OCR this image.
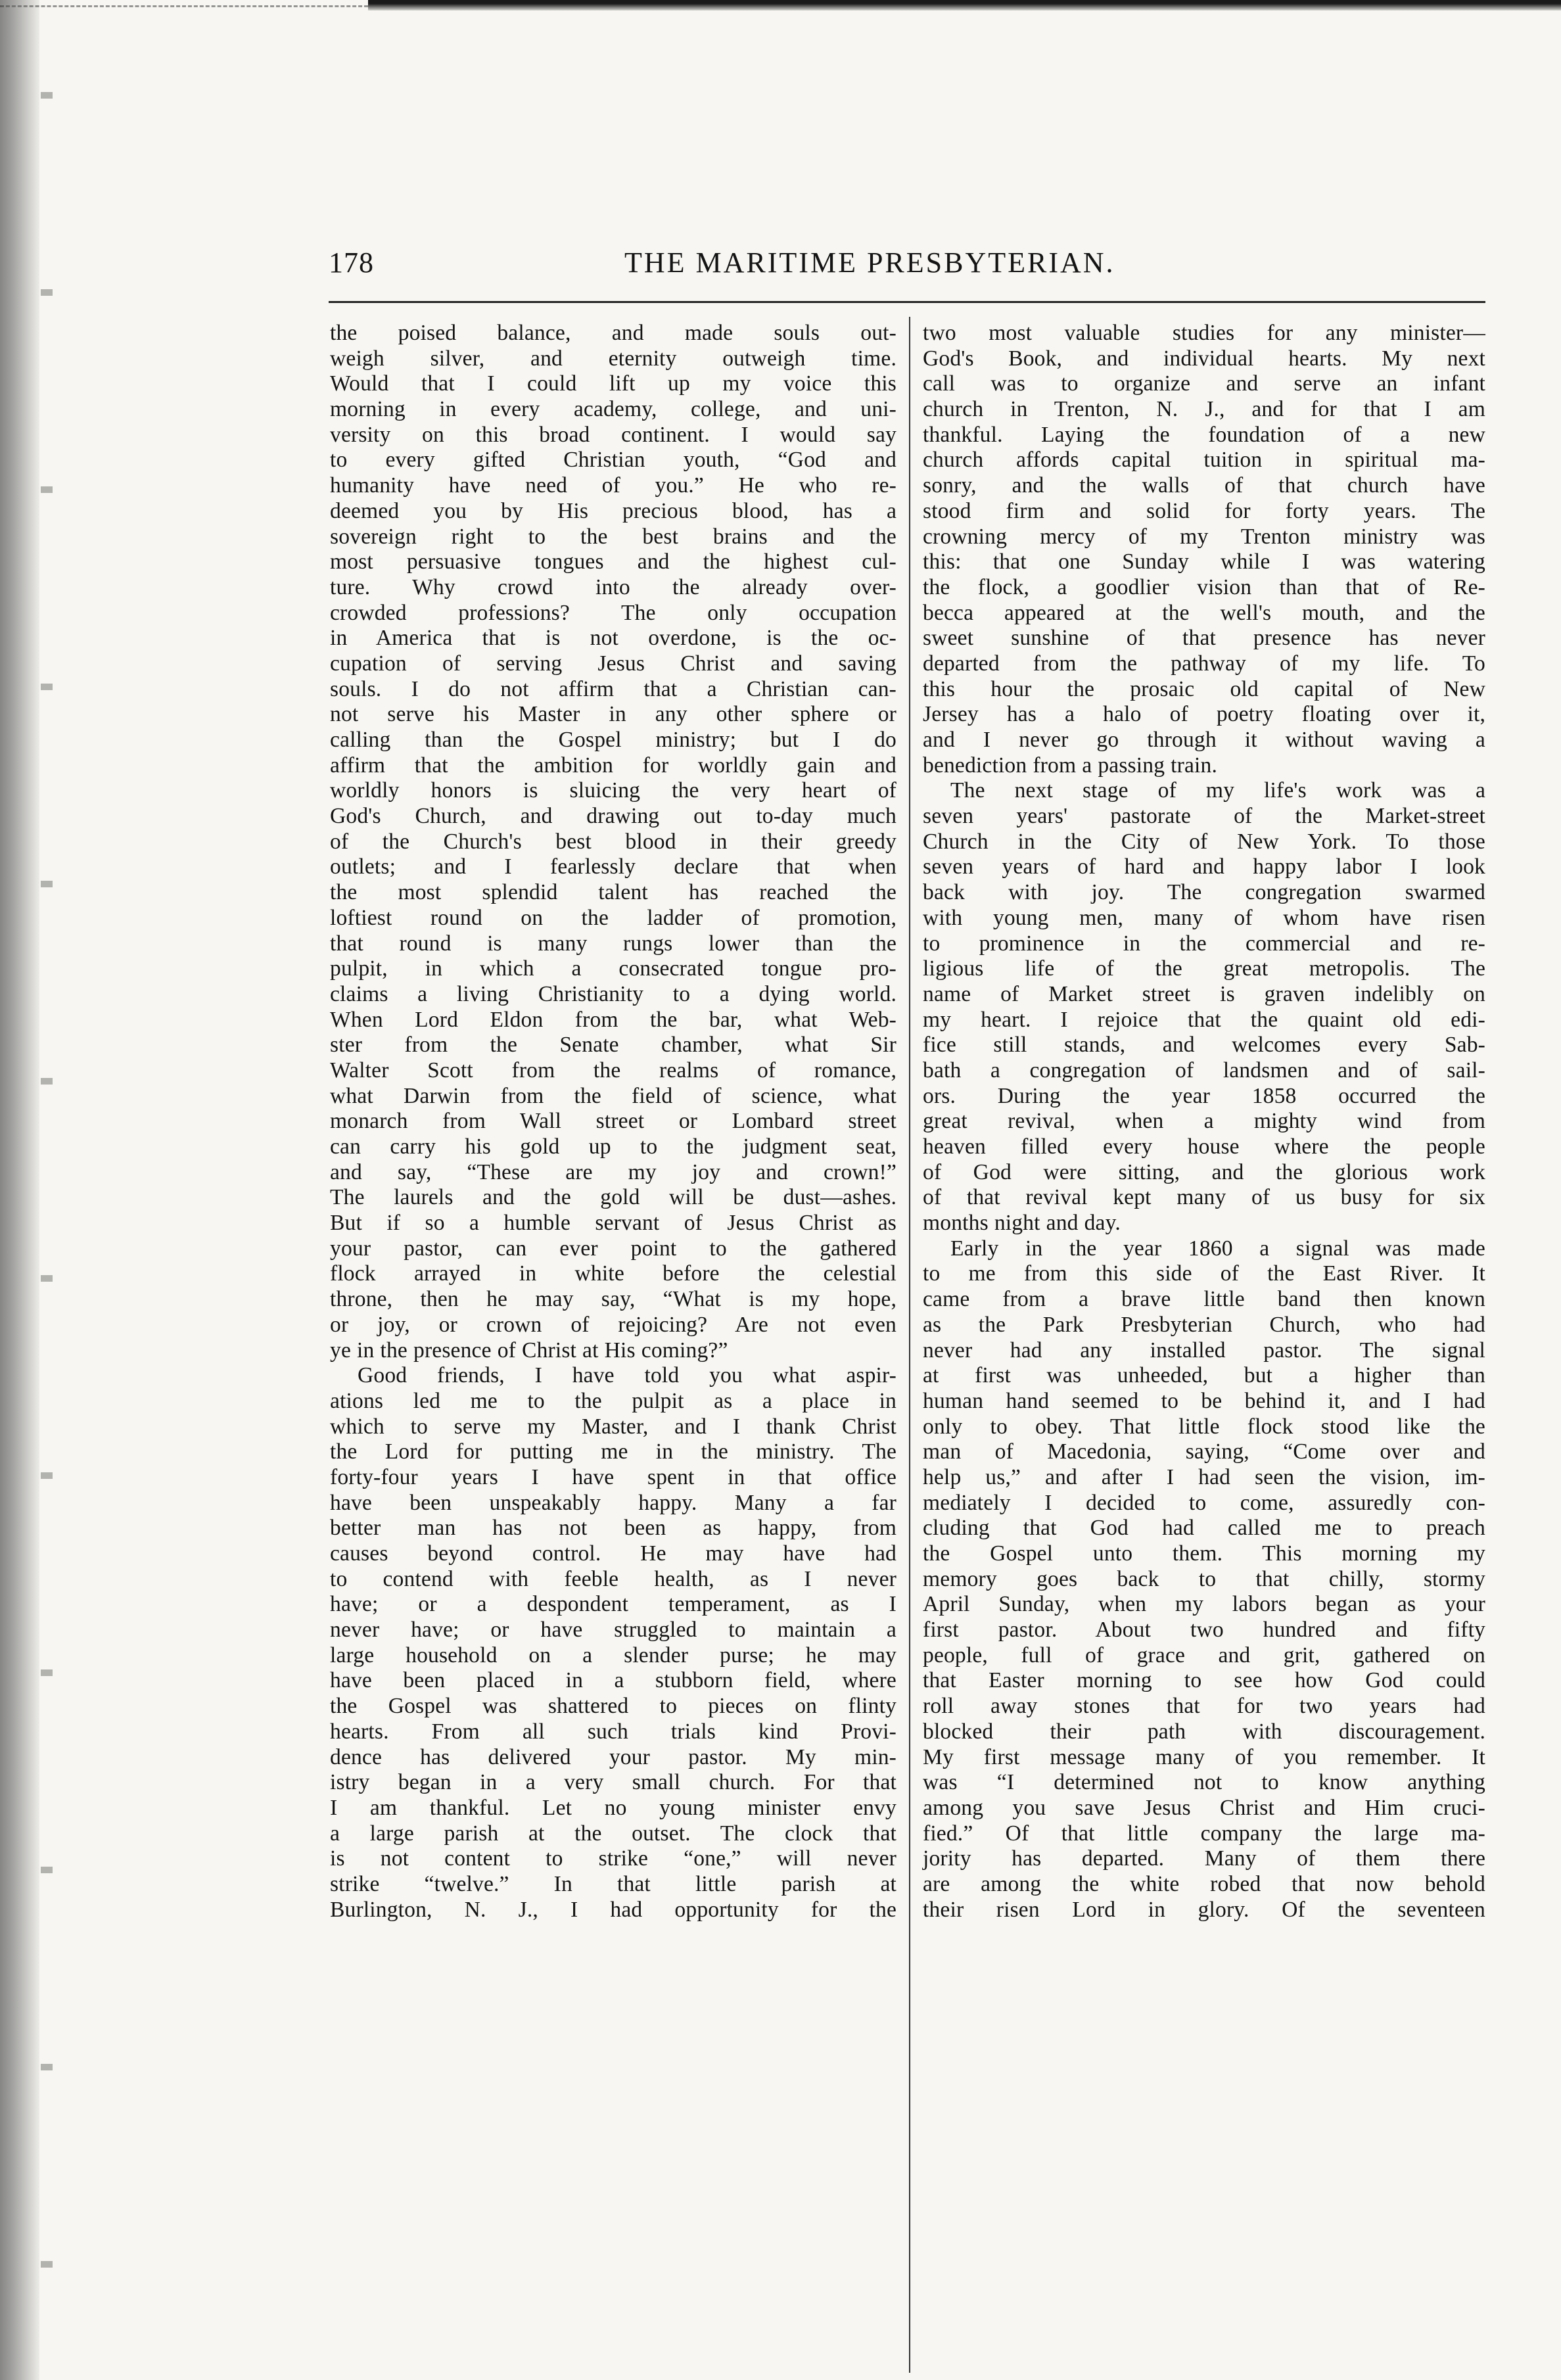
178	THE MARITIME PRESBYTERIAN.
the poised balance, and made souls out-
weigh silver, and eternity outweigh time.
Would that I could lift up my voice this
morning in every academy, college, and uni-
versity on this broad continent. I would say
to every gifted Christian youth, “God and
humanity have need of you.” He who re-
deemed you by His precious blood, has a
sovereign right to the best brains and the
most persuasive tongues and the highest cul-
ture. Why crowd into the already over-
crowded professions? The only occupation
in America that is not overdone, is the oc-
cupation of serving Jesus Christ and saving
souls. I do not affirm that a Christian can-
not serve his Master in any other sphere or
calling than the Gospel ministry; but I do
affirm that the ambition for worldly gain and
worldly honors is sluicing the very heart of
God's Church, and drawing out to-day much
of the Church's best blood in their greedy
outlets; and I fearlessly declare that when
the most splendid talent has reached the
loftiest round on the ladder of promotion,
that round is many rungs lower than the
pulpit, in which a consecrated tongue pro-
claims a living Christianity to a dying world.
When Lord Eldon from the bar, what Web-
ster from the Senate chamber, what Sir
Walter Scott from the realms of romance,
what Darwin from the field of science, what
monarch from Wall street or Lombard street
can carry his gold up to the judgment seat,
and say, “These are my joy and crown!”
The laurels and the gold will be dust—ashes.
But if so a humble servant of Jesus Christ as
your pastor, can ever point to the gathered
flock arrayed in white before the celestial
throne, then he may say, “What is my hope,
or joy, or crown of rejoicing? Are not even
ye in the presence of Christ at His coming?”
Good friends, I have told you what aspir-
ations led me to the pulpit as a place in
which to serve my Master, and I thank Christ
the Lord for putting me in the ministry. The
forty-four years I have spent in that office
have been unspeakably happy. Many a far
better man has not been as happy, from
causes beyond control. He may have had
to contend with feeble health, as I never
have; or a despondent temperament, as I
never have; or have struggled to maintain a
large household on a slender purse; he may
have been placed in a stubborn field, where
the Gospel was shattered to pieces on flinty
hearts. From all such trials kind Provi-
dence has delivered your pastor. My min-
istry began in a very small church. For that
I am thankful. Let no young minister envy
a large parish at the outset. The clock that
is not content to strike “one,” will never
strike “twelve.” In that little parish at
Burlington, N. J., I had opportunity for the
two most valuable studies for any minister—
God's Book, and individual hearts. My next
call was to organize and serve an infant
church in Trenton, N. J., and for that I am
thankful. Laying the foundation of a new
church affords capital tuition in spiritual ma-
sonry, and the walls of that church have
stood firm and solid for forty years. The
crowning mercy of my Trenton ministry was
this: that one Sunday while I was watering
the flock, a goodlier vision than that of Re-
becca appeared at the well's mouth, and the
sweet sunshine of that presence has never
departed from the pathway of my life. To
this hour the prosaic old capital of New
Jersey has a halo of poetry floating over it,
and I never go through it without waving a
benediction from a passing train.
The next stage of my life's work was a
seven years' pastorate of the Market-street
Church in the City of New York. To those
seven years of hard and happy labor I look
back with joy. The congregation swarmed
with young men, many of whom have risen
to prominence in the commercial and re-
ligious life of the great metropolis. The
name of Market street is graven indelibly on
my heart. I rejoice that the quaint old edi-
fice still stands, and welcomes every Sab-
bath a congregation of landsmen and of sail-
ors. During the year 1858 occurred the
great revival, when a mighty wind from
heaven filled every house where the people
of God were sitting, and the glorious work
of that revival kept many of us busy for six
months night and day.
Early in the year 1860 a signal was made
to me from this side of the East River. It
came from a brave little band then known
as the Park Presbyterian Church, who had
never had any installed pastor. The signal
at first was unheeded, but a higher than
human hand seemed to be behind it, and I had
only to obey. That little flock stood like the
man of Macedonia, saying, “Come over and
help us,” and after I had seen the vision, im-
mediately I decided to come, assuredly con-
cluding that God had called me to preach
the Gospel unto them. This morning my
memory goes back to that chilly, stormy
April Sunday, when my labors began as your
first pastor. About two hundred and fifty
people, full of grace and grit, gathered on
that Easter morning to see how God could
roll away stones that for two years had
blocked their path with discouragement.
My first message many of you remember. It
was “I determined not to know anything
among you save Jesus Christ and Him cruci-
fied.” Of that little company the large ma-
jority has departed. Many of them there
are among the white robed that now behold
their risen Lord in glory. Of the seventeen
